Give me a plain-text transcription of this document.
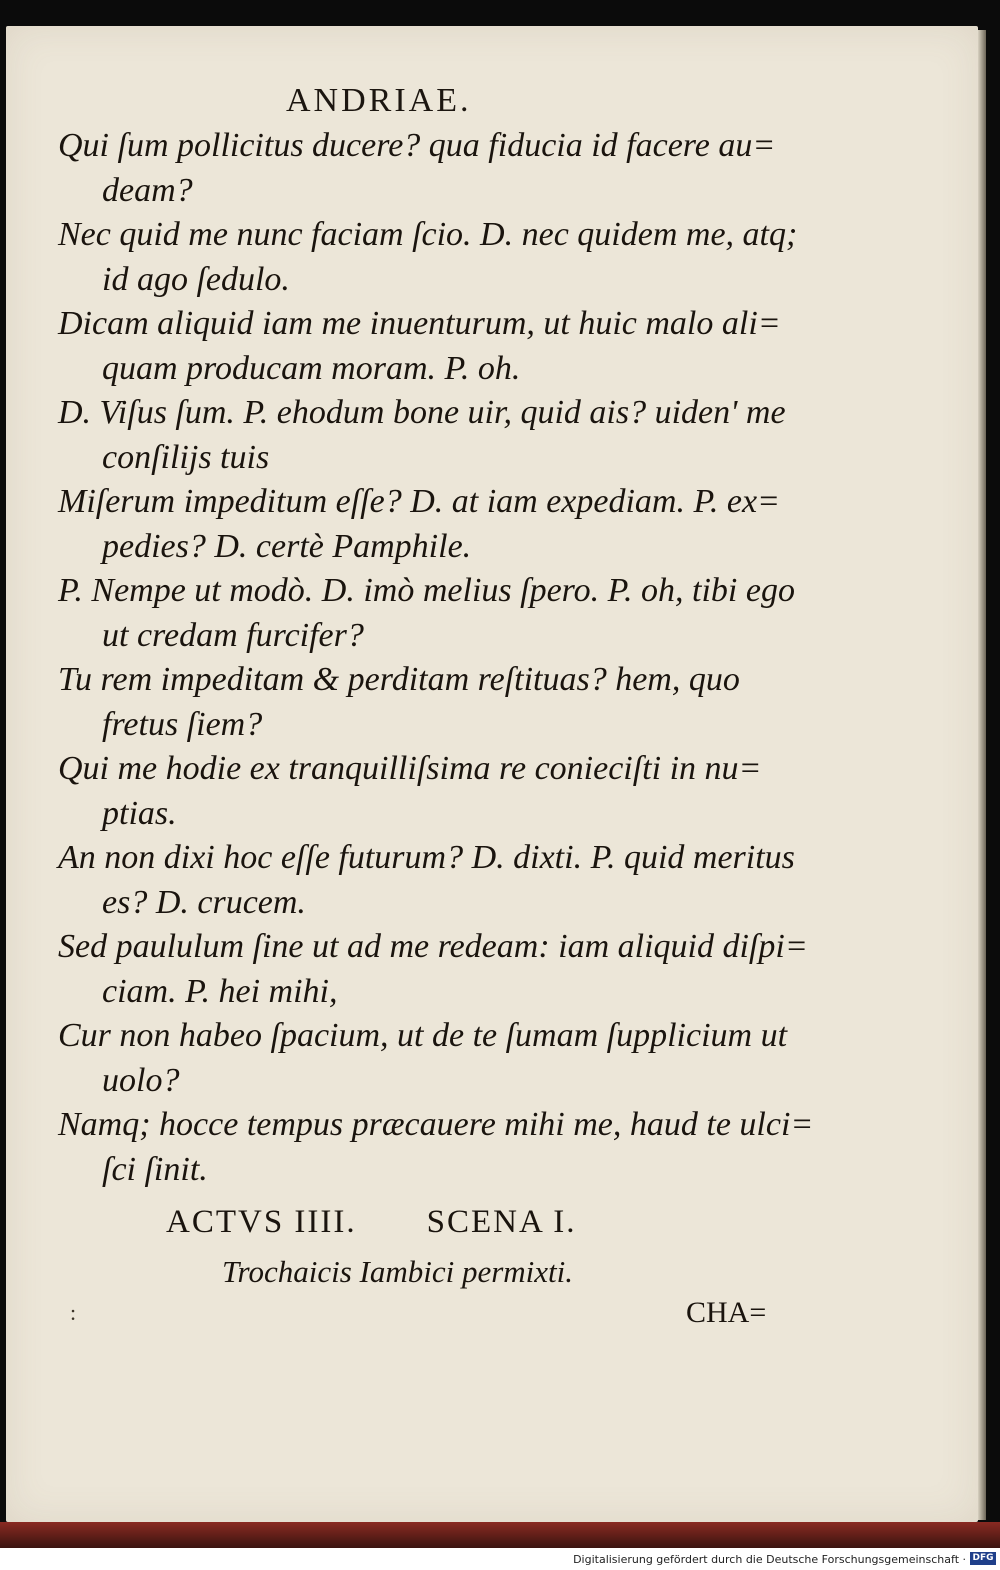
ANDRIAE.
Qui ſum pollicitus ducere? qua fiducia id facere au=
deam?
Nec quid me nunc faciam ſcio. D. nec quidem me, atq;
id ago ſedulo.
Dicam aliquid iam me inuenturum, ut huic malo ali=
quam producam moram. P. oh.
D. Viſus ſum. P. ehodum bone uir, quid ais? uiden' me
conſilijs tuis
Miſerum impeditum eſſe? D. at iam expediam. P. ex=
pedies? D. certè Pamphile.
P. Nempe ut modò. D. imò melius ſpero. P. oh, tibi ego
ut credam furcifer?
Tu rem impeditam & perditam reſtituas? hem, quo
fretus ſiem?
Qui me hodie ex tranquilliſsima re conieciſti in nu=
ptias.
An non dixi hoc eſſe futurum? D. dixti. P. quid meritus
es? D. crucem.
Sed paululum ſine ut ad me redeam: iam aliquid diſpi=
ciam. P. hei mihi,
Cur non habeo ſpacium, ut de te ſumam ſupplicium ut
uolo?
Namq; hocce tempus præcauere mihi me, haud te ulci=
ſci ſinit.
ACTVS IIII. SCENA I.
Trochaicis Iambici permixti.
:	CHA=
Digitalisierung gefördert durch die Deutsche Forschungsgemeinschaft · DFG
